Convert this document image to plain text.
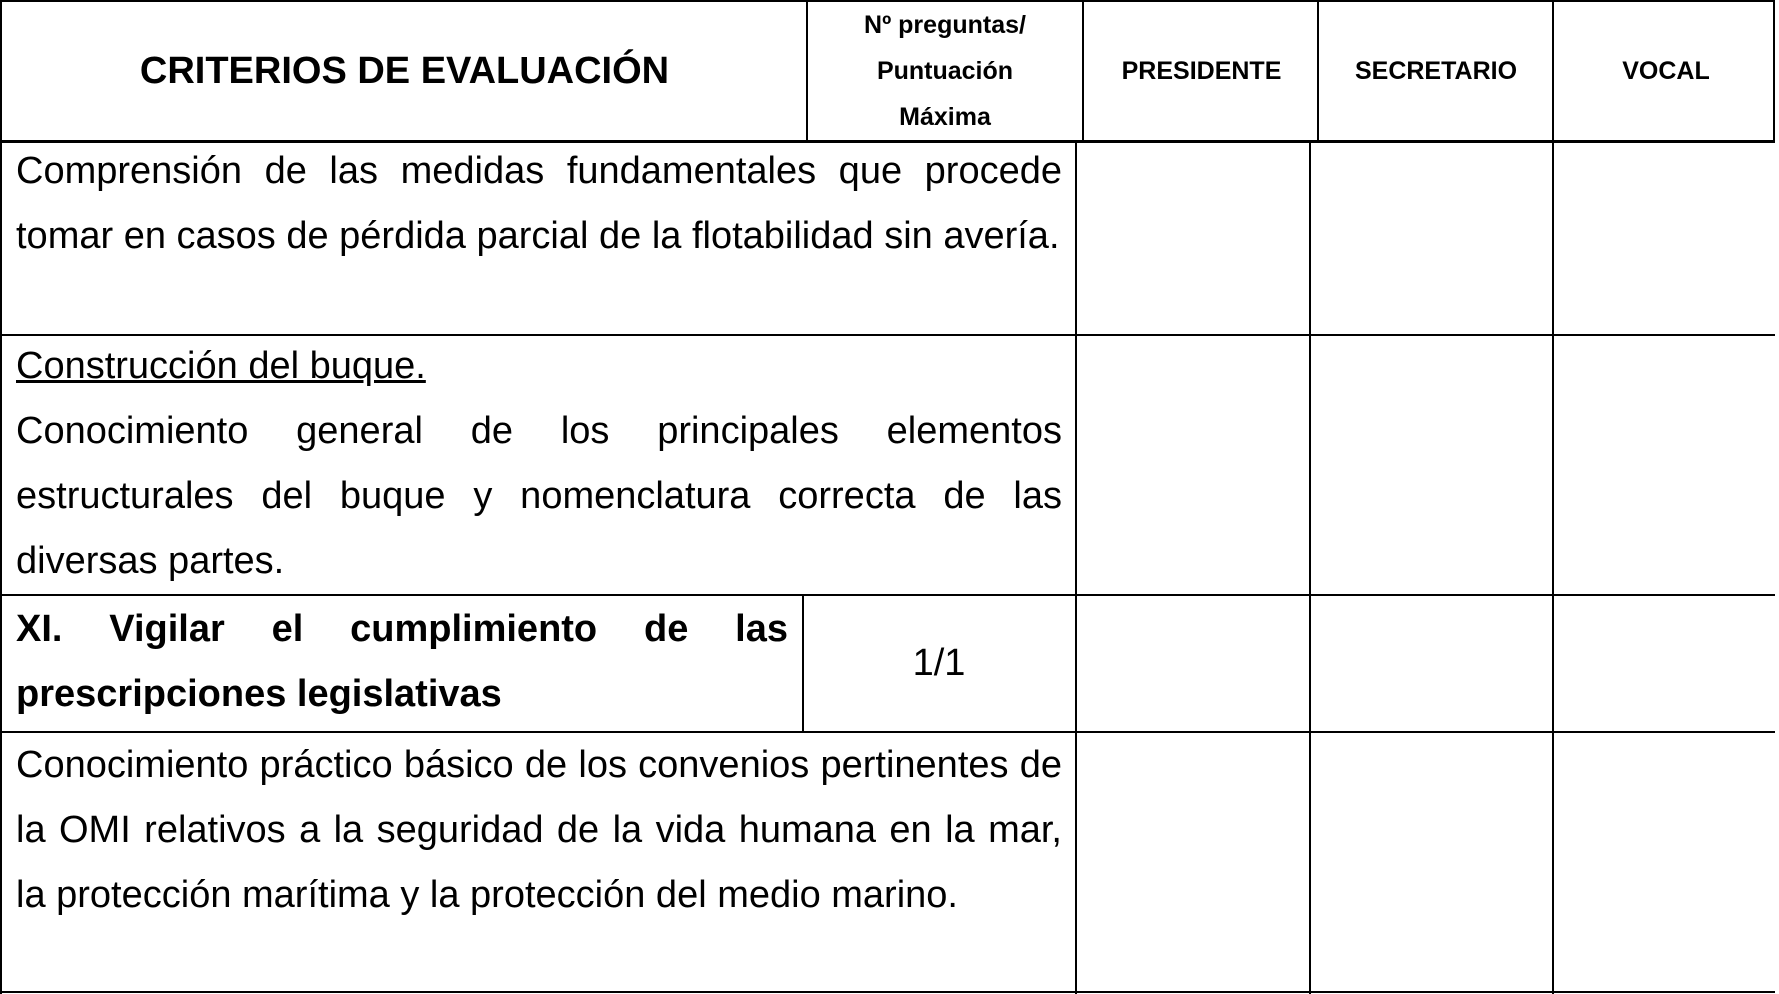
CRITERIOS DE EVALUACIÓN
Nº preguntas/
Puntuación
Máxima
PRESIDENTE	SECRETARIO	VOCAL

Comprensión de las medidas fundamentales que procede tomar en casos de pérdida parcial de la flotabilidad sin avería.

Construcción del buque.

Conocimiento general de los principales elementos estructurales del buque y nomenclatura correcta de las diversas partes.

XI. Vigilar el cumplimiento de las prescripciones legislativas

1/1

Conocimiento práctico básico de los convenios pertinentes de la OMI relativos a la seguridad de la vida humana en la mar, la protección marítima y la protección del medio marino.
